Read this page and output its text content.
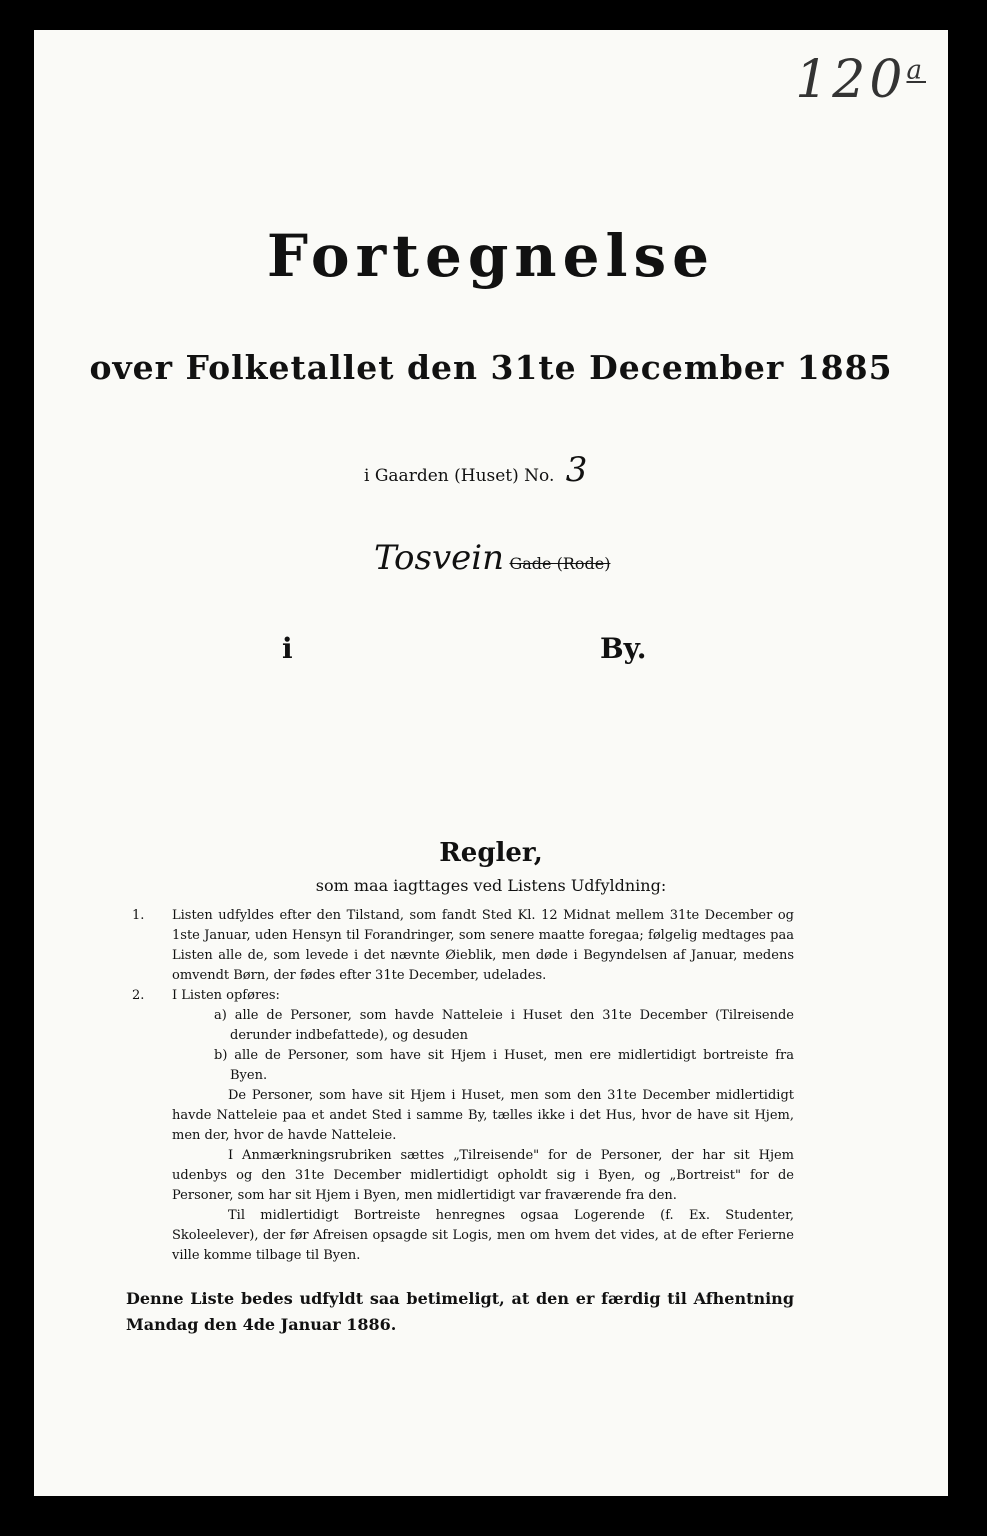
120$^a$
Fortegnelse
over Folketallet den 31te December 1885
i Gaarden (Huset) No. 3
Tosvein Gade (Rode)
i	By.
Regler,
som maa iagttages ved Listens Udfyldning:

1. Listen udfyldes efter den Tilstand, som fandt Sted Kl. 12 Midnat mellem 31te December og 1ste Januar, uden Hensyn til Forandringer, som senere maatte foregaa; følgelig medtages paa Listen alle de, som levede i det nævnte Øieblik, men døde i Begyndelsen af Januar, medens omvendt Børn, der fødes efter 31te December, udelades.

2. I Listen opføres:

a) alle de Personer, som havde Natteleie i Huset den 31te December (Tilreisende derunder indbefattede), og desuden

b) alle de Personer, som have sit Hjem i Huset, men ere midlertidigt bortreiste fra Byen.

De Personer, som have sit Hjem i Huset, men som den 31te December midlertidigt havde Natteleie paa et andet Sted i samme By, tælles ikke i det Hus, hvor de have sit Hjem, men der, hvor de havde Natteleie.

I Anmærkningsrubriken sættes „Tilreisende" for de Personer, der har sit Hjem udenbys og den 31te December midlertidigt opholdt sig i Byen, og „Bortreist" for de Personer, som har sit Hjem i Byen, men midlertidigt var fraværende fra den.

Til midlertidigt Bortreiste henregnes ogsaa Logerende (f. Ex. Studenter, Skoleelever), der før Afreisen opsagde sit Logis, men om hvem det vides, at de efter Ferierne ville komme tilbage til Byen.

Denne Liste bedes udfyldt saa betimeligt, at den er færdig til Afhentning Mandag den 4de Januar 1886.
